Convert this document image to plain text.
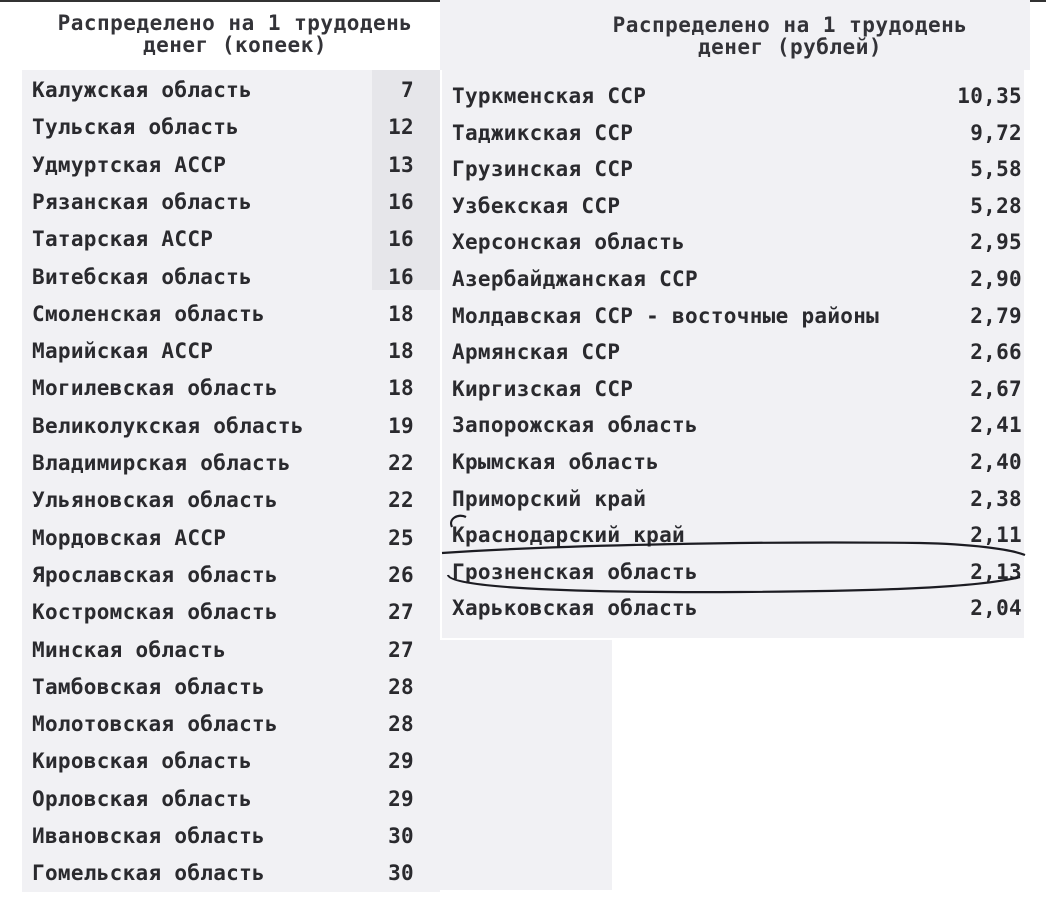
Распределено на 1 трудодень
денег (копеек)
Распределено на 1 трудодень
денег (рублей)
Калужская область	7
Тульская область	12
Удмуртская АССР	13
Рязанская область	16
Татарская АССР	16
Витебская область	16
Смоленская область	18
Марийская АССР	18
Могилевская область	18
Великолукская область	19
Владимирская область	22
Ульяновская область	22
Мордовская АССР	25
Ярославская область	26
Костромская область	27
Минская область	27
Тамбовская область	28
Молотовская область	28
Кировская область	29
Орловская область	29
Ивановская область	30
Гомельская область	30
Туркменская ССР	10,35
Таджикская ССР	9,72
Грузинская ССР	5,58
Узбекская ССР	5,28
Херсонская область	2,95
Азербайджанская ССР	2,90
Молдавская ССР - восточные районы	2,79
Армянская ССР	2,66
Киргизская ССР	2,67
Запорожская область	2,41
Крымская область	2,40
Приморский край	2,38
Краснодарский край	2,11
Грозненская область	2,13
Харьковская область	2,04
